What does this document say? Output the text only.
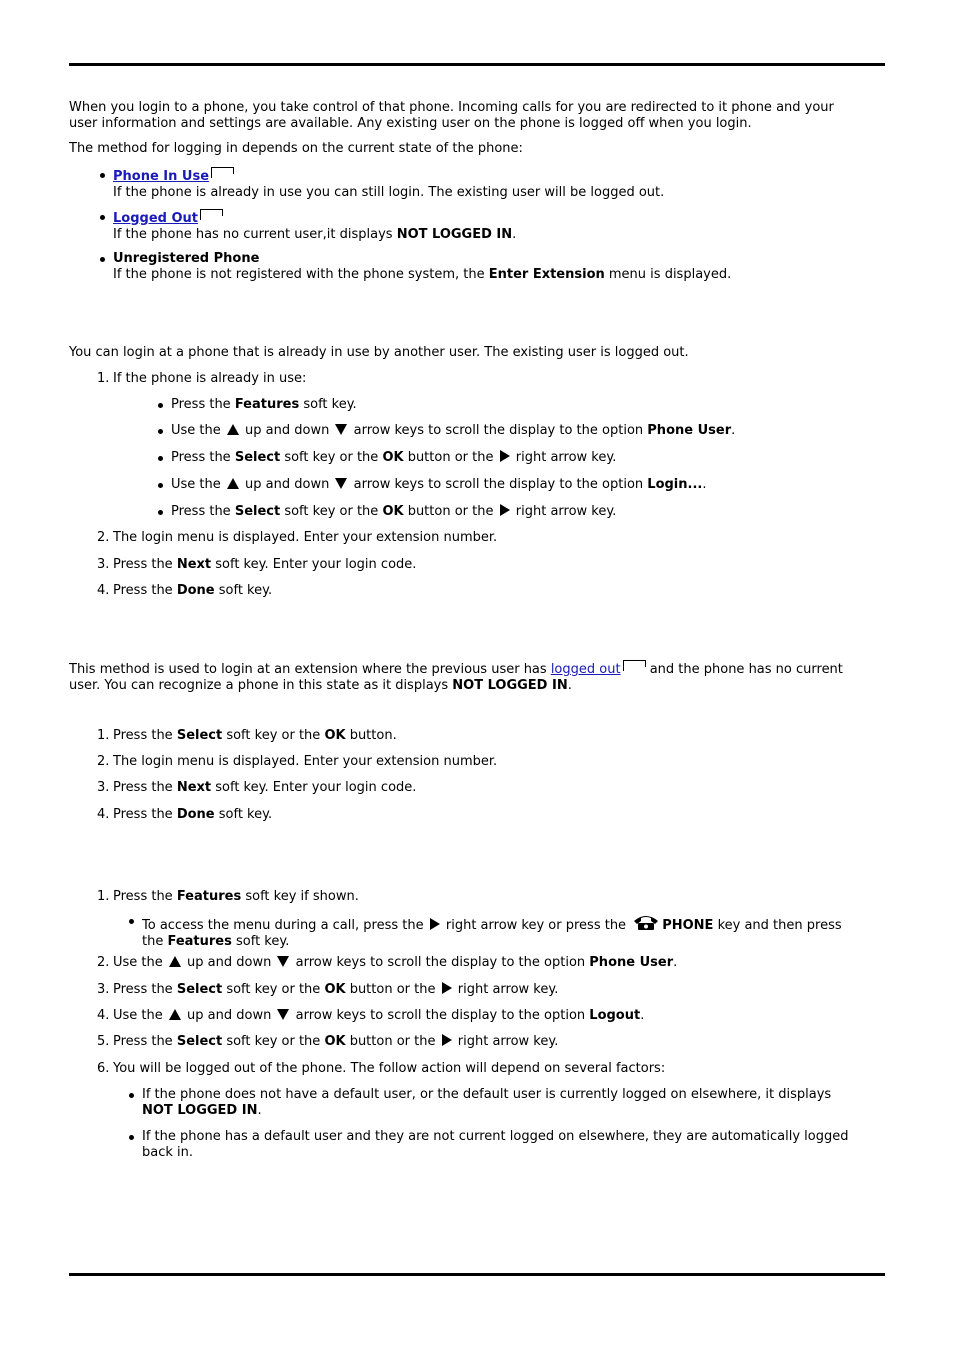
When you login to a phone, you take control of that phone. Incoming calls for you are redirected to it phone and your
user information and settings are available. Any existing user on the phone is logged off when you login.

The method for logging in depends on the current state of the phone:

Phone In Use
If the phone is already in use you can still login. The existing user will be logged out.
Logged Out
If the phone has no current user,it displays NOT LOGGED IN.
Unregistered Phone
If the phone is not registered with the phone system, the Enter Extension menu is displayed.

You can login at a phone that is already in use by another user. The existing user is logged out.

1. If the phone is already in use:
Press the Features soft key.
Use the up and down arrow keys to scroll the display to the option Phone User.
Press the Select soft key or the OK button or the right arrow key.
Use the up and down arrow keys to scroll the display to the option Login....
Press the Select soft key or the OK button or the right arrow key.
2. The login menu is displayed. Enter your extension number.
3. Press the Next soft key. Enter your login code.
4. Press the Done soft key.

This method is used to login at an extension where the previous user has logged out and the phone has no current
user. You can recognize a phone in this state as it displays NOT LOGGED IN.

1. Press the Select soft key or the OK button.
2. The login menu is displayed. Enter your extension number.
3. Press the Next soft key. Enter your login code.
4. Press the Done soft key.
1. Press the Features soft key if shown.
To access the menu during a call, press the right arrow key or press the	PHONE key and then press
the Features soft key.
2. Use the up and down arrow keys to scroll the display to the option Phone User.
3. Press the Select soft key or the OK button or the right arrow key.
4. Use the up and down arrow keys to scroll the display to the option Logout.
5. Press the Select soft key or the OK button or the right arrow key.
6. You will be logged out of the phone. The follow action will depend on several factors:
If the phone does not have a default user, or the default user is currently logged on elsewhere, it displays
NOT LOGGED IN.
If the phone has a default user and they are not current logged on elsewhere, they are automatically logged
back in.
